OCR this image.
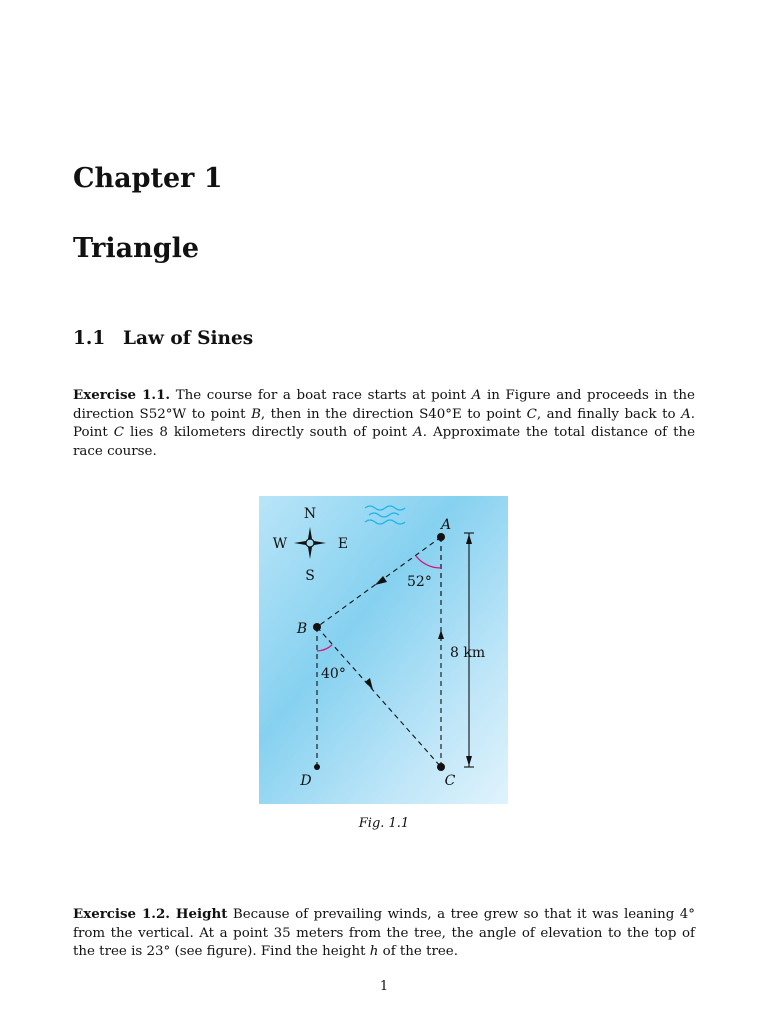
Chapter 1
Triangle
1.1 Law of Sines

Exercise 1.1. The course for a boat race starts at point A in Figure and proceeds in the direction S52°W to point B, then in the direction S40°E to point C, and finally back to A. Point C lies 8 kilometers directly south of point A. Approximate the total distance of the race course.

N
S
W	E
A
B
C
D
52°
40°
8 km

Fig. 1.1

Exercise 1.2. Height Because of prevailing winds, a tree grew so that it was leaning 4° from the vertical. At a point 35 meters from the tree, the angle of elevation to the top of the tree is 23° (see figure). Find the height h of the tree.

1
